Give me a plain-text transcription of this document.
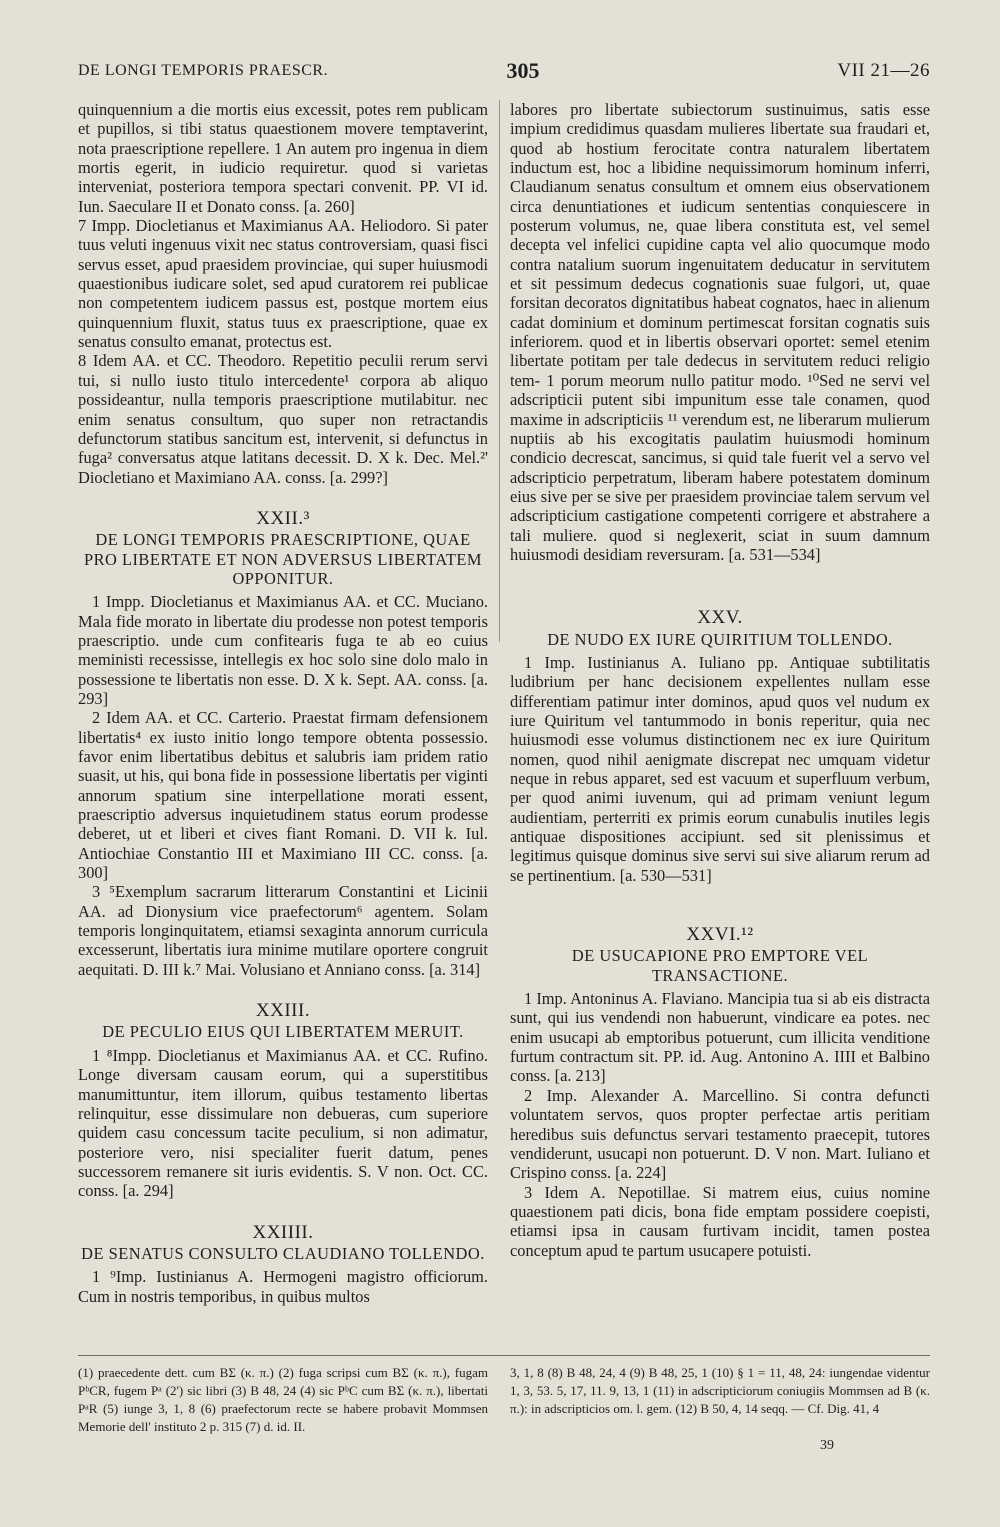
DE LONGI TEMPORIS PRAESCR.	305	VII 21—26

quinquennium a die mortis eius excessit, potes rem publicam et pupillos, si tibi status quaestionem movere temptaverint, nota praescriptione repellere. 1 An autem pro ingenua in diem mortis egerit, in iudicio requiretur. quod si varietas interveniat, posteriora tempora spectari convenit. PP. VI id. Iun. Saeculare II et Donato conss. [a. 260]

7 Impp. Diocletianus et Maximianus AA. Heliodoro. Si pater tuus veluti ingenuus vixit nec status controversiam, quasi fisci servus esset, apud praesidem provinciae, qui super huiusmodi quaestionibus iudicare solet, sed apud curatorem rei publicae non competentem iudicem passus est, postque mortem eius quinquennium fluxit, status tuus ex praescriptione, quae ex senatus consulto emanat, protectus est.

8 Idem AA. et CC. Theodoro. Repetitio peculii rerum servi tui, si nullo iusto titulo intercedente¹ corpora ab aliquo possideantur, nulla temporis praescriptione mutilabitur. nec enim senatus consultum, quo super non retractandis defunctorum statibus sancitum est, intervenit, si defunctus in fuga² conversatus atque latitans decessit. D. X k. Dec. Mel.²' Diocletiano et Maximiano AA. conss. [a. 299?]

XXII.³
DE LONGI TEMPORIS PRAESCRIPTIONE, QUAE PRO LIBERTATE ET NON ADVERSUS LIBERTATEM OPPONITUR.

1 Impp. Diocletianus et Maximianus AA. et CC. Muciano. Mala fide morato in libertate diu prodesse non potest temporis praescriptio. unde cum confitearis fuga te ab eo cuius meministi recessisse, intellegis ex hoc solo sine dolo malo in possessione te libertatis non esse. D. X k. Sept. AA. conss. [a. 293]

2 Idem AA. et CC. Carterio. Praestat firmam defensionem libertatis⁴ ex iusto initio longo tempore obtenta possessio. favor enim libertatibus debitus et salubris iam pridem ratio suasit, ut his, qui bona fide in possessione libertatis per viginti annorum spatium sine interpellatione morati essent, praescriptio adversus inquietudinem status eorum prodesse deberet, ut et liberi et cives fiant Romani. D. VII k. Iul. Antiochiae Constantio III et Maximiano III CC. conss. [a. 300]

3 ⁵Exemplum sacrarum litterarum Constantini et Licinii AA. ad Dionysium vice praefectorum⁶ agentem. Solam temporis longinquitatem, etiamsi sexaginta annorum curricula excesserunt, libertatis iura minime mutilare oportere congruit aequitati. D. III k.⁷ Mai. Volusiano et Anniano conss. [a. 314]

XXIII.
DE PECULIO EIUS QUI LIBERTATEM MERUIT.

1 ⁸Impp. Diocletianus et Maximianus AA. et CC. Rufino. Longe diversam causam eorum, qui a superstitibus manumittuntur, item illorum, quibus testamento libertas relinquitur, esse dissimulare non debueras, cum superiore quidem casu concessum tacite peculium, si non adimatur, posteriore vero, nisi specialiter fuerit datum, penes successorem remanere sit iuris evidentis. S. V non. Oct. CC. conss. [a. 294]

XXIIII.
DE SENATUS CONSULTO CLAUDIANO TOLLENDO.

1 ⁹Imp. Iustinianus A. Hermogeni magistro officiorum. Cum in nostris temporibus, in quibus multos

labores pro libertate subiectorum sustinuimus, satis esse impium credidimus quasdam mulieres libertate sua fraudari et, quod ab hostium ferocitate contra naturalem libertatem inductum est, hoc a libidine nequissimorum hominum inferri, Claudianum senatus consultum et omnem eius observationem circa denuntiationes et iudicum sententias conquiescere in posterum volumus, ne, quae libera constituta est, vel semel decepta vel infelici cupidine capta vel alio quocumque modo contra natalium suorum ingenuitatem deducatur in servitutem et sit pessimum dedecus cognationis suae fulgori, ut, quae forsitan decoratos dignitatibus habeat cognatos, haec in alienum cadat dominium et dominum pertimescat forsitan cognatis suis inferiorem. quod et in libertis observari oportet: semel etenim libertate potitam per tale dedecus in servitutem reduci religio tem- 1 porum meorum nullo patitur modo. ¹⁰Sed ne servi vel adscripticii putent sibi impunitum esse tale conamen, quod maxime in adscripticiis ¹¹ verendum est, ne liberarum mulierum nuptiis ab his excogitatis paulatim huiusmodi hominum condicio decrescat, sancimus, si quid tale fuerit vel a servo vel adscripticio perpetratum, liberam habere potestatem dominum eius sive per se sive per praesidem provinciae talem servum vel adscripticium castigatione competenti corrigere et abstrahere a tali muliere. quod si neglexerit, sciat in suum damnum huiusmodi desidiam reversuram. [a. 531—534]

XXV.
DE NUDO EX IURE QUIRITIUM TOLLENDO.

1 Imp. Iustinianus A. Iuliano pp. Antiquae subtilitatis ludibrium per hanc decisionem expellentes nullam esse differentiam patimur inter dominos, apud quos vel nudum ex iure Quiritum vel tantummodo in bonis reperitur, quia nec huiusmodi esse volumus distinctionem nec ex iure Quiritum nomen, quod nihil aenigmate discrepat nec umquam videtur neque in rebus apparet, sed est vacuum et superfluum verbum, per quod animi iuvenum, qui ad primam veniunt legum audientiam, perterriti ex primis eorum cunabulis inutiles legis antiquae dispositiones accipiunt. sed sit plenissimus et legitimus quisque dominus sive servi sui sive aliarum rerum ad se pertinentium. [a. 530—531]

XXVI.¹²
DE USUCAPIONE PRO EMPTORE VEL TRANSACTIONE.

1 Imp. Antoninus A. Flaviano. Mancipia tua si ab eis distracta sunt, qui ius vendendi non habuerunt, vindicare ea potes. nec enim usucapi ab emptoribus potuerunt, cum illicita venditione furtum contractum sit. PP. id. Aug. Antonino A. IIII et Balbino conss. [a. 213]

2 Imp. Alexander A. Marcellino. Si contra defuncti voluntatem servos, quos propter perfectae artis peritiam heredibus suis defunctus servari testamento praecepit, tutores vendiderunt, usucapi non potuerunt. D. V non. Mart. Iuliano et Crispino conss. [a. 224]

3 Idem A. Nepotillae. Si matrem eius, cuius nomine quaestionem pati dicis, bona fide emptam possidere coepisti, etiamsi ipsa in causam furtivam incidit, tamen postea conceptum apud te partum usucapere potuisti.

(1) praecedente dett. cum BΣ (κ. π.) (2) fuga scripsi cum BΣ (κ. π.), fugam PᵇCR, fugem Pᵃ (2') sic libri (3) B 48, 24 (4) sic PᵇC cum BΣ (κ. π.), libertati PᵃR (5) iunge 3, 1, 8 (6) praefectorum recte se habere probavit Mommsen Memorie dell' instituto 2 p. 315 (7) d. id. II.
3, 1, 8 (8) B 48, 24, 4 (9) B 48, 25, 1 (10) § 1 = 11, 48, 24: iungendae videntur 1, 3, 53. 5, 17, 11. 9, 13, 1 (11) in adscripticiorum coniugiis Mommsen ad B (κ. π.): in adscripticios om. l. gem. (12) B 50, 4, 14 seqq. — Cf. Dig. 41, 4
39
